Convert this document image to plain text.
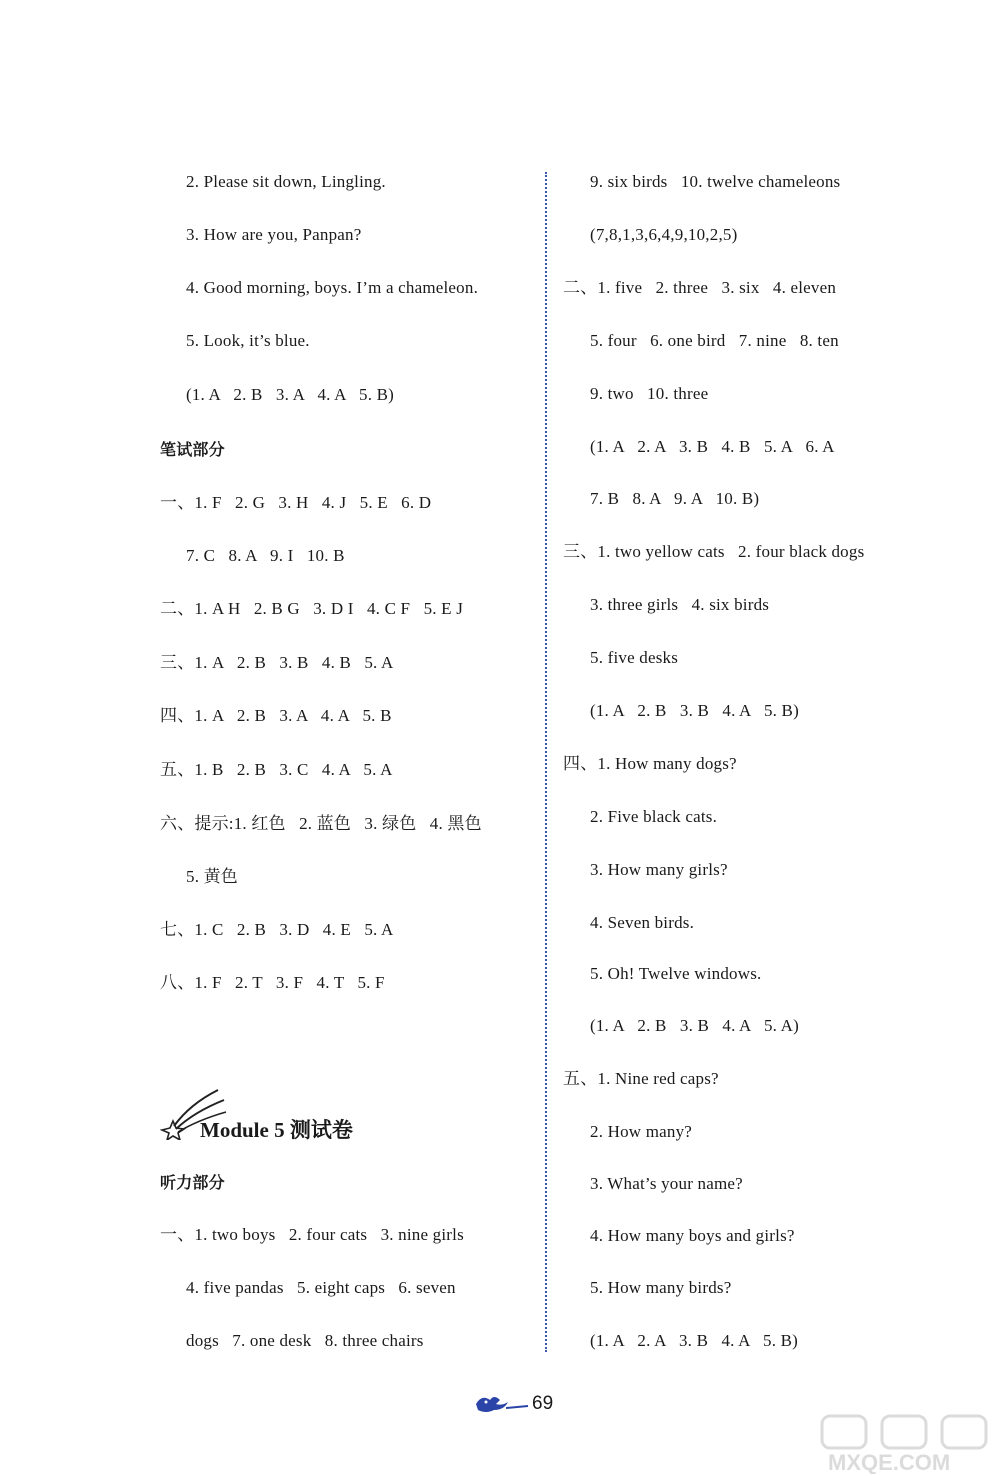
2. Please sit down, Lingling.
3. How are you, Panpan?
4. Good morning, boys. I’m a chameleon.
5. Look, it’s blue.
(1. A   2. B   3. A   4. A   5. B)
笔试部分
一、1. F   2. G   3. H   4. J   5. E   6. D
7. C   8. A   9. I   10. B
二、1. A H   2. B G   3. D I   4. C F   5. E J
三、1. A   2. B   3. B   4. B   5. A
四、1. A   2. B   3. A   4. A   5. B
五、1. B   2. B   3. C   4. A   5. A
六、提示:1. 红色   2. 蓝色   3. 绿色   4. 黑色
5. 黄色
七、1. C   2. B   3. D   4. E   5. A
八、1. F   2. T   3. F   4. T   5. F
听力部分
一、1. two boys   2. four cats   3. nine girls
4. five pandas   5. eight caps   6. seven
dogs   7. one desk   8. three chairs
9. six birds   10. twelve chameleons
(7,8,1,3,6,4,9,10,2,5)
二、1. five   2. three   3. six   4. eleven
5. four   6. one bird   7. nine   8. ten
9. two   10. three
(1. A   2. A   3. B   4. B   5. A   6. A
7. B   8. A   9. A   10. B)
三、1. two yellow cats   2. four black dogs
3. three girls   4. six birds
5. five desks
(1. A   2. B   3. B   4. A   5. B)
四、1. How many dogs?
2. Five black cats.
3. How many girls?
4. Seven birds.
5. Oh! Twelve windows.
(1. A   2. B   3. B   4. A   5. A)
五、1. Nine red caps?
2. How many?
3. What’s your name?
4. How many boys and girls?
5. How many birds?
(1. A   2. A   3. B   4. A   5. B)
Module 5 测试卷
69
MXQE.COM
